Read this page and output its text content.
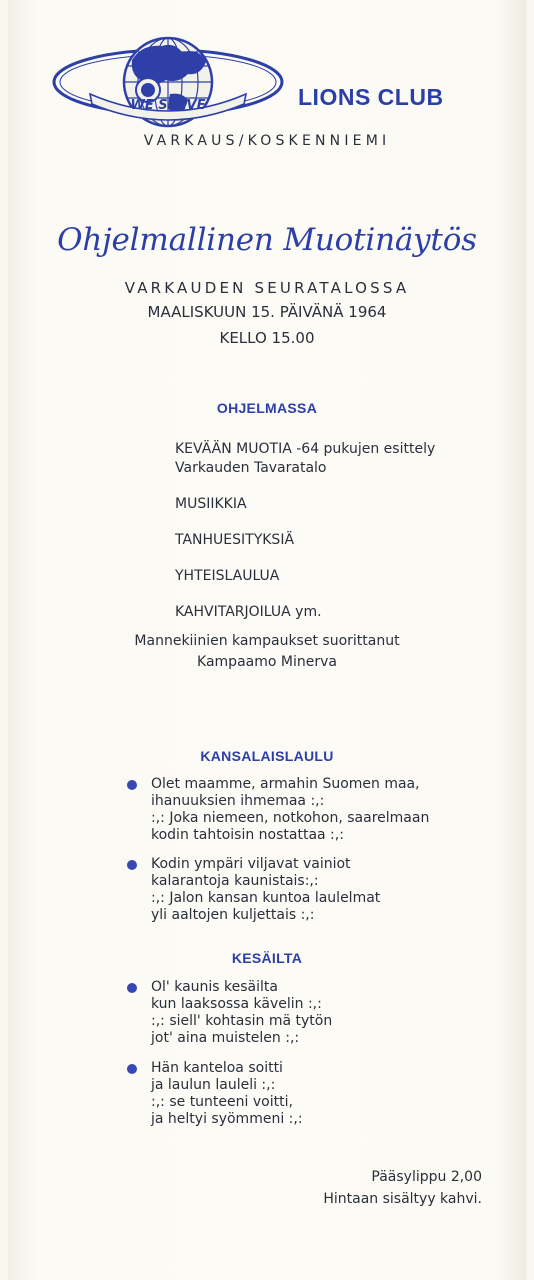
WE SERVE	LIONS CLUB
VARKAUS/KOSKENNIEMI
Ohjelmallinen Muotinäytös
VARKAUDEN SEURATALOSSA
MAALISKUUN 15. PÄIVÄNÄ 1964
KELLO 15.00
OHJELMASSA

KEVÄÄN MUOTIA -64 pukujen esittely

Varkauden Tavaratalo

MUSIIKKIA

TANHUESITYKSIÄ

YHTEISLAULUA

KAHVITARJOILUA ym.

Mannekiinien kampaukset suorittanut
Kampaamo Minerva
KANSALAISLAULU
Olet maamme, armahin Suomen maa,
ihanuuksien ihmemaa :,:
:,: Joka niemeen, notkohon, saarelmaan
kodin tahtoisin nostattaa :,:
Kodin ympäri viljavat vainiot
kalarantoja kaunistais:,:
:,: Jalon kansan kuntoa laulelmat
yli aaltojen kuljettais :,:
KESÄILTA
Ol' kaunis kesäilta
kun laaksossa kävelin :,:
:,: siell' kohtasin mä tytön
jot' aina muistelen :,:
Hän kanteloa soitti
ja laulun lauleli :,:
:,: se tunteeni voitti,
ja heltyi syömmeni :,:
Pääsylippu 2,00
Hintaan sisältyy kahvi.
